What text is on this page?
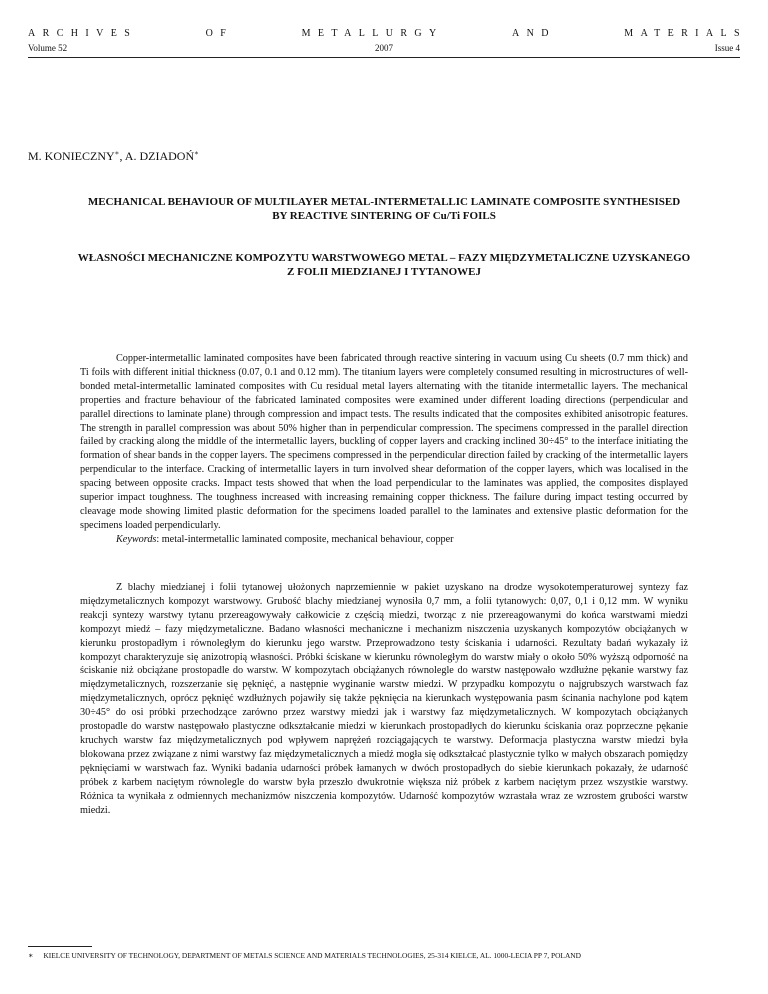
ARCHIVES	OF	METALLURGY	AND	MATERIALS
Volume 52	2007	Issue 4
M. KONIECZNY∗, A. DZIADOŃ∗
MECHANICAL BEHAVIOUR OF MULTILAYER METAL-INTERMETALLIC LAMINATE COMPOSITE SYNTHESISED
BY REACTIVE SINTERING OF Cu/Ti FOILS
WŁASNOŚCI MECHANICZNE KOMPOZYTU WARSTWOWEGO METAL – FAZY MIĘDZYMETALICZNE UZYSKANEGO
Z FOLII MIEDZIANEJ I TYTANOWEJ
Copper-intermetallic laminated composites have been fabricated through reactive sintering in vacuum using Cu sheets (0.7 mm thick) and Ti foils with different initial thickness (0.07, 0.1 and 0.12 mm). The titanium layers were completely consumed resulting in microstructures of well-bonded metal-intermetallic laminated composites with Cu residual metal layers alternating with the titanide intermetallic layers. The mechanical properties and fracture behaviour of the fabricated laminated composites were examined under different loading directions (perpendicular and parallel directions to laminate plane) through compression and impact tests. The results indicated that the composites exhibited anisotropic features. The strength in parallel compression was about 50% higher than in perpendicular compression. The specimens compressed in the parallel direction failed by cracking along the middle of the intermetallic layers, buckling of copper layers and cracking inclined 30÷45° to the interface initiating the formation of shear bands in the copper layers. The specimens compressed in the perpendicular direction failed by cracking of the intermetallic layers perpendicular to the interface. Cracking of intermetallic layers in turn involved shear deformation of the copper layers, which was localised in the spacing between opposite cracks. Impact tests showed that when the load perpendicular to the laminates was applied, the composites displayed superior impact toughness. The toughness increased with increasing remaining copper thickness. The failure during impact testing occurred by cleavage mode showing limited plastic deformation for the specimens loaded parallel to the laminates and extensive plastic deformation for the specimens loaded perpendicularly.
Keywords: metal-intermetallic laminated composite, mechanical behaviour, copper
Z blachy miedzianej i folii tytanowej ułożonych naprzemiennie w pakiet uzyskano na drodze wysokotemperaturowej syntezy faz międzymetalicznych kompozyt warstwowy. Grubość blachy miedzianej wynosiła 0,7 mm, a folii tytanowych: 0,07, 0,1 i 0,12 mm. W wyniku reakcji syntezy warstwy tytanu przereagowywały całkowicie z częścią miedzi, tworząc z nie przereagowanymi do końca warstwami miedzi kompozyt miedź – fazy międzymetaliczne. Badano własności mechaniczne i mechanizm niszczenia uzyskanych kompozytów obciążanych w kierunku prostopadłym i równoległym do kierunku jego warstw. Przeprowadzono testy ściskania i udarności. Rezultaty badań wykazały iż kompozyt charakteryzuje się anizotropią własności. Próbki ściskane w kierunku równoległym do warstw miały o około 50% wyższą odporność na ściskanie niż obciążane prostopadle do warstw. W kompozytach obciążanych równolegle do warstw następowało wzdłużne pękanie warstwy faz międzymetalicznych, rozszerzanie się pęknięć, a następnie wyginanie warstw miedzi. W przypadku kompozytu o najgrubszych warstwach faz międzymetalicznych, oprócz pęknięć wzdłużnych pojawiły się także pęknięcia na kierunkach występowania pasm ścinania nachylone pod kątem 30÷45° do osi próbki przechodzące zarówno przez warstwy miedzi jak i warstwy faz międzymetalicznych. W kompozytach obciążanych prostopadle do warstw następowało plastyczne odkształcanie miedzi w kierunkach prostopadłych do kierunku ściskania oraz poprzeczne pękanie kruchych warstw faz międzymetalicznych pod wpływem naprężeń rozciągających te warstwy. Deformacja plastyczna warstw miedzi była blokowana przez związane z nimi warstwy faz międzymetalicznych a miedź mogła się odkształcać plastycznie tylko w małych obszarach pomiędzy pęknięciami w warstwach faz. Wyniki badania udarności próbek łamanych w dwóch prostopadłych do siebie kierunkach pokazały, że udarność próbek z karbem naciętym równolegle do warstw była przeszło dwukrotnie większa niż próbek z karbem naciętym przez wszystkie warstwy. Różnica ta wynikała z odmiennych mechanizmów niszczenia kompozytów. Udarność kompozytów wzrastała wraz ze wzrostem grubości warstw miedzi.
∗ KIELCE UNIVERSITY OF TECHNOLOGY, DEPARTMENT OF METALS SCIENCE AND MATERIALS TECHNOLOGIES, 25-314 KIELCE, AL. 1000-LECIA PP 7, POLAND
